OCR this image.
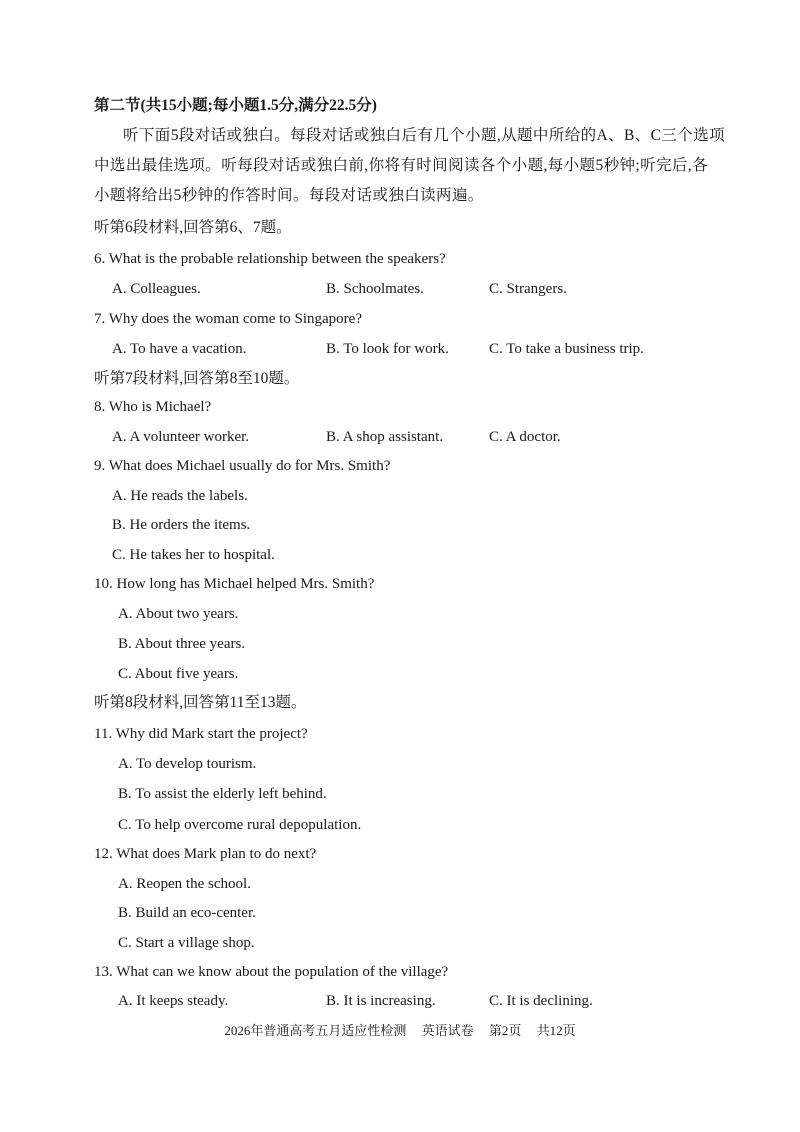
第二节(共15小题;每小题1.5分,满分22.5分)
听下面5段对话或独白。每段对话或独白后有几个小题,从题中所给的A、B、C三个选项
中选出最佳选项。听每段对话或独白前,你将有时间阅读各个小题,每小题5秒钟;听完后,各
小题将给出5秒钟的作答时间。每段对话或独白读两遍。
听第6段材料,回答第6、7题。
6. What is the probable relationship between the speakers?
A. Colleagues.	B. Schoolmates.	C. Strangers.
7. Why does the woman come to Singapore?
A. To have a vacation.	B. To look for work.	C. To take a business trip.
听第7段材料,回答第8至10题。
8. Who is Michael?
A. A volunteer worker.	B. A shop assistant.	C. A doctor.
9. What does Michael usually do for Mrs. Smith?
A. He reads the labels.
B. He orders the items.
C. He takes her to hospital.
10. How long has Michael helped Mrs. Smith?
A. About two years.
B. About three years.
C. About five years.
听第8段材料,回答第11至13题。
11. Why did Mark start the project?
A. To develop tourism.
B. To assist the elderly left behind.
C. To help overcome rural depopulation.
12. What does Mark plan to do next?
A. Reopen the school.
B. Build an eco-center.
C. Start a village shop.
13. What can we know about the population of the village?
A. It keeps steady.	B. It is increasing.	C. It is declining.
2026年普通高考五月适应性检测 英语试卷 第2页 共12页
